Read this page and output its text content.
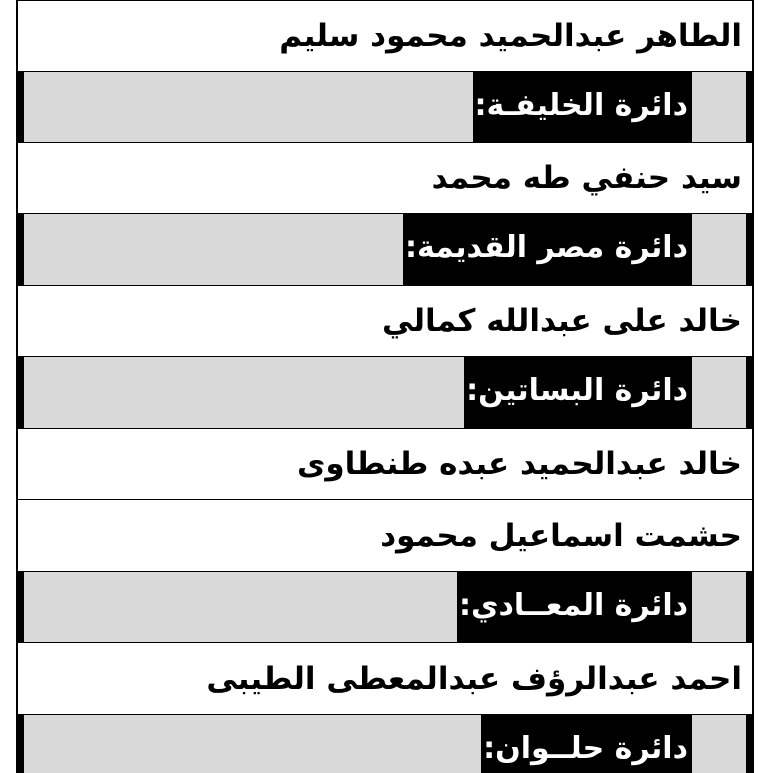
الطاهر عبدالحميد محمود سليم
دائرة الخليفـة:
سيد حنفي طه محمد
دائرة مصر القديمة:
خالد على عبدالله كمالي
دائرة البساتين:
خالد عبدالحميد عبده طنطاوى
حشمت اسماعيل محمود
دائرة المعــادي:
احمد عبدالرؤف عبدالمعطى الطيبى
دائرة حلــوان:
